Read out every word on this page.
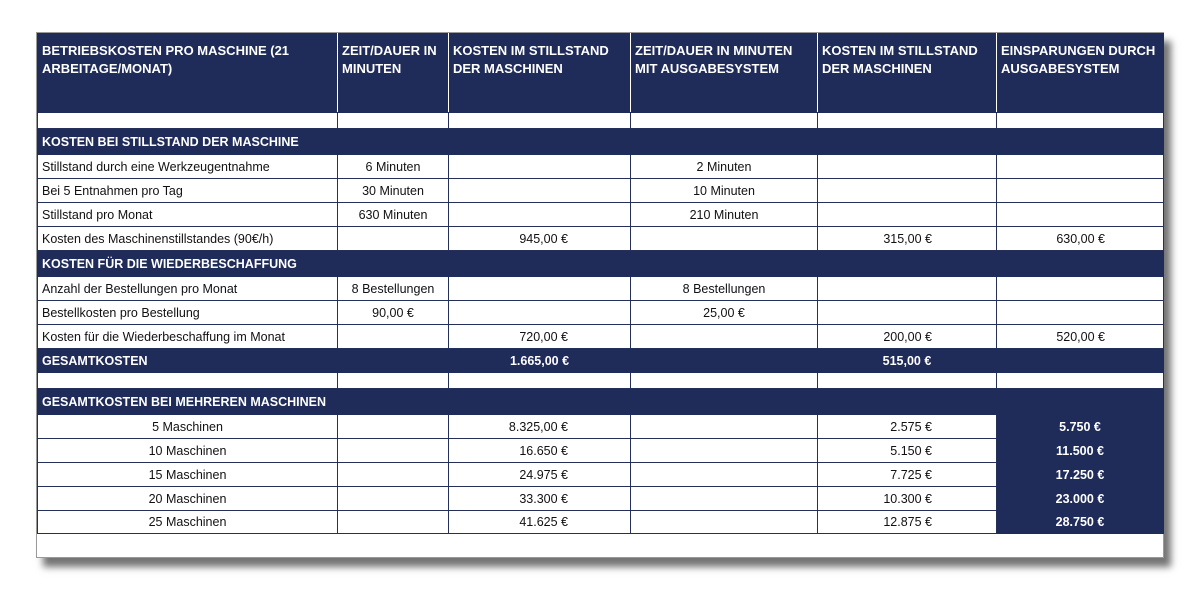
BETRIEBSKOSTEN PRO MASCHINE (21 ARBEITAGE/MONAT)	ZEIT/DAUER IN MINUTEN	KOSTEN IM STILLSTAND DER MASCHINEN	ZEIT/DAUER IN MINUTEN MIT AUSGABESYSTEM	KOSTEN IM STILLSTAND DER MASCHINEN	EINSPARUNGEN DURCH AUSGABESYSTEM

KOSTEN BEI STILLSTAND DER MASCHINE					
Stillstand durch eine Werkzeugentnahme	6 Minuten		2 Minuten		
Bei 5 Entnahmen pro Tag	30 Minuten		10 Minuten		
Stillstand pro Monat	630 Minuten		210 Minuten		
Kosten des Maschinenstillstandes (90€/h)		945,00 €		315,00 €	630,00 €
KOSTEN FÜR DIE WIEDERBESCHAFFUNG					
Anzahl der Bestellungen pro Monat	8 Bestellungen		8 Bestellungen		
Bestellkosten pro Bestellung	90,00 €		25,00 €		
Kosten für die Wiederbeschaffung im Monat		720,00 €		200,00 €	520,00 €
GESAMTKOSTEN		1.665,00 €		515,00 €	

GESAMTKOSTEN BEI MEHREREN MASCHINEN					
5 Maschinen		8.325,00 €		2.575 €	5.750 €
10 Maschinen		16.650 €		5.150 €	11.500 €
15 Maschinen		24.975 €		7.725 €	17.250 €
20 Maschinen		33.300 €		10.300 €	23.000 €
25 Maschinen		41.625 €		12.875 €	28.750 €
